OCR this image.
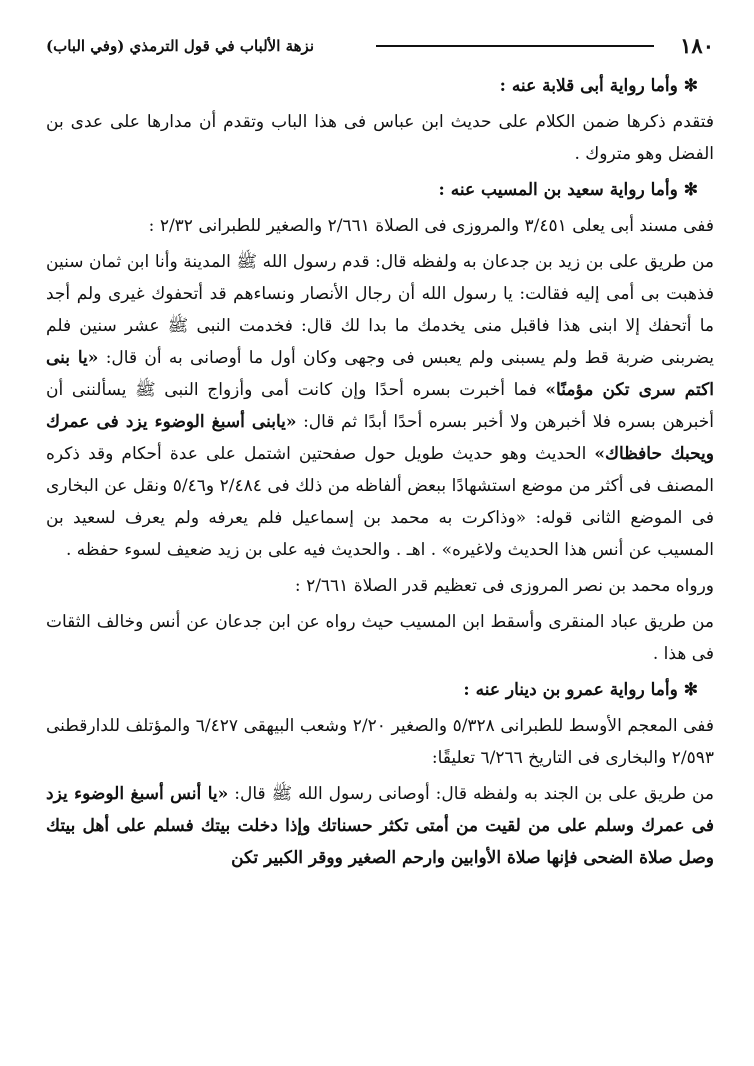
١٨٠
نزهة الألباب في قول الترمذي (وفي الباب)

✻ وأما رواية أبى قلابة عنه :

فتقدم ذكرها ضمن الكلام على حديث ابن عباس فى هذا الباب وتقدم أن مدارها على عدى بن الفضل وهو متروك .

✻ وأما رواية سعيد بن المسيب عنه :

ففى مسند أبى يعلى ٣/٤٥١ والمروزى فى الصلاة ٢/٦٦١ والصغير للطبرانى ٢/٣٢ :

من طريق على بن زيد بن جدعان به ولفظه قال: قدم رسول الله ﷺ المدينة وأنا ابن ثمان سنين فذهبت بى أمى إليه فقالت: يا رسول الله أن رجال الأنصار ونساءهم قد أتحفوك غيرى ولم أجد ما أتحفك إلا ابنى هذا فاقبل منى يخدمك ما بدا لك قال: فخدمت النبى ﷺ عشر سنين فلم يضربنى ضربة قط ولم يسبنى ولم يعبس فى وجهى وكان أول ما أوصانى به أن قال: «يا بنى اكتم سرى تكن مؤمنًا» فما أخبرت بسره أحدًا وإن كانت أمى وأزواج النبى ﷺ يسألننى أن أخبرهن بسره فلا أخبرهن ولا أخبر بسره أحدًا أبدًا ثم قال: «يابنى أسبغ الوضوء يزد فى عمرك ويحبك حافظاك» الحديث وهو حديث طويل حول صفحتين اشتمل على عدة أحكام وقد ذكره المصنف فى أكثر من موضع استشهادًا ببعض ألفاظه من ذلك فى ٢/٤٨٤ و٥/٤٦ ونقل عن البخارى فى الموضع الثانى قوله: «وذاكرت به محمد بن إسماعيل فلم يعرفه ولم يعرف لسعيد بن المسيب عن أنس هذا الحديث ولاغيره» . اهـ . والحديث فيه على بن زيد ضعيف لسوء حفظه .

ورواه محمد بن نصر المروزى فى تعظيم قدر الصلاة ٢/٦٦١ :

من طريق عباد المنقرى وأسقط ابن المسيب حيث رواه عن ابن جدعان عن أنس وخالف الثقات فى هذا .

✻ وأما رواية عمرو بن دينار عنه :

ففى المعجم الأوسط للطبرانى ٥/٣٢٨ والصغير ٢/٢٠ وشعب البيهقى ٦/٤٢٧ والمؤتلف للدارقطنى ٢/٥٩٣ والبخارى فى التاريخ ٦/٢٦٦ تعليقًا:

من طريق على بن الجند به ولفظه قال: أوصانى رسول الله ﷺ قال: «يا أنس أسبغ الوضوء يزد فى عمرك وسلم على من لقيت من أمتى تكثر حسناتك وإذا دخلت بيتك فسلم على أهل بيتك وصل صلاة الضحى فإنها صلاة الأوابين وارحم الصغير ووقر الكبير تكن
